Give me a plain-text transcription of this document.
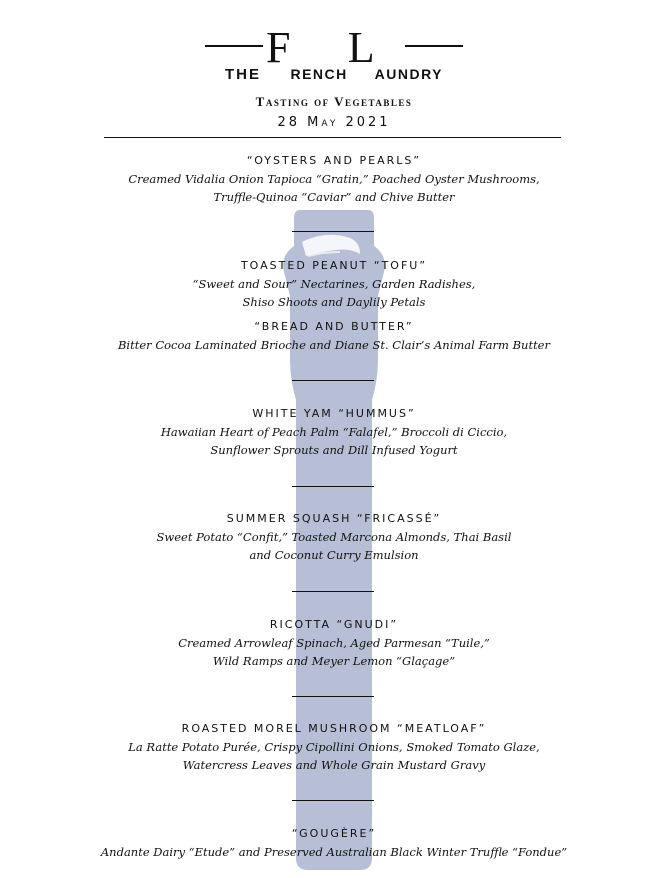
THEFRENCHLAUNDRY
Tasting of Vegetables
28 May 2021
“OYSTERS AND PEARLS”
Creamed Vidalia Onion Tapioca “Gratin,” Poached Oyster Mushrooms,
Truffle-Quinoa “Caviar” and Chive Butter
TOASTED PEANUT “TOFU”
“Sweet and Sour” Nectarines, Garden Radishes,
Shiso Shoots and Daylily Petals
“BREAD AND BUTTER”
Bitter Cocoa Laminated Brioche and Diane St. Clair’s Animal Farm Butter
WHITE YAM “HUMMUS”
Hawaiian Heart of Peach Palm “Falafel,” Broccoli di Ciccio,
Sunflower Sprouts and Dill Infused Yogurt
SUMMER SQUASH “FRICASSÉ”
Sweet Potato “Confit,” Toasted Marcona Almonds, Thai Basil
and Coconut Curry Emulsion
RICOTTA “GNUDI”
Creamed Arrowleaf Spinach, Aged Parmesan “Tuile,”
Wild Ramps and Meyer Lemon “Glaçage”
ROASTED MOREL MUSHROOM “MEATLOAF”
La Ratte Potato Purée, Crispy Cipollini Onions, Smoked Tomato Glaze,
Watercress Leaves and Whole Grain Mustard Gravy
“GOUGÈRE”
Andante Dairy “Etude” and Preserved Australian Black Winter Truffle “Fondue”
